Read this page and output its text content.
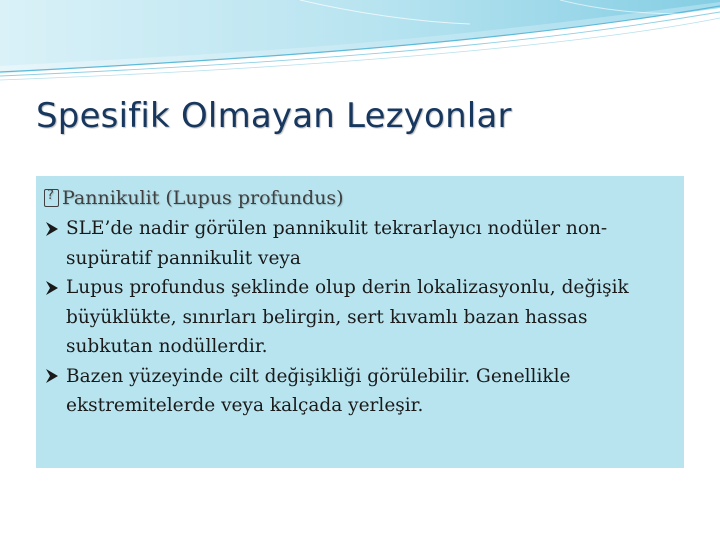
Spesifik Olmayan Lezyonlar
?
Pannikulit (Lupus profundus)
SLE’de nadir görülen pannikulit tekrarlayıcı nodüler non-supüratif pannikulit veya
Lupus profundus şeklinde olup derin lokalizasyonlu, değişik büyüklükte, sınırları belirgin, sert kıvamlı bazan hassas subkutan nodüllerdir.
Bazen yüzeyinde cilt değişikliği görülebilir. Genellikle ekstremitelerde veya kalçada yerleşir.
